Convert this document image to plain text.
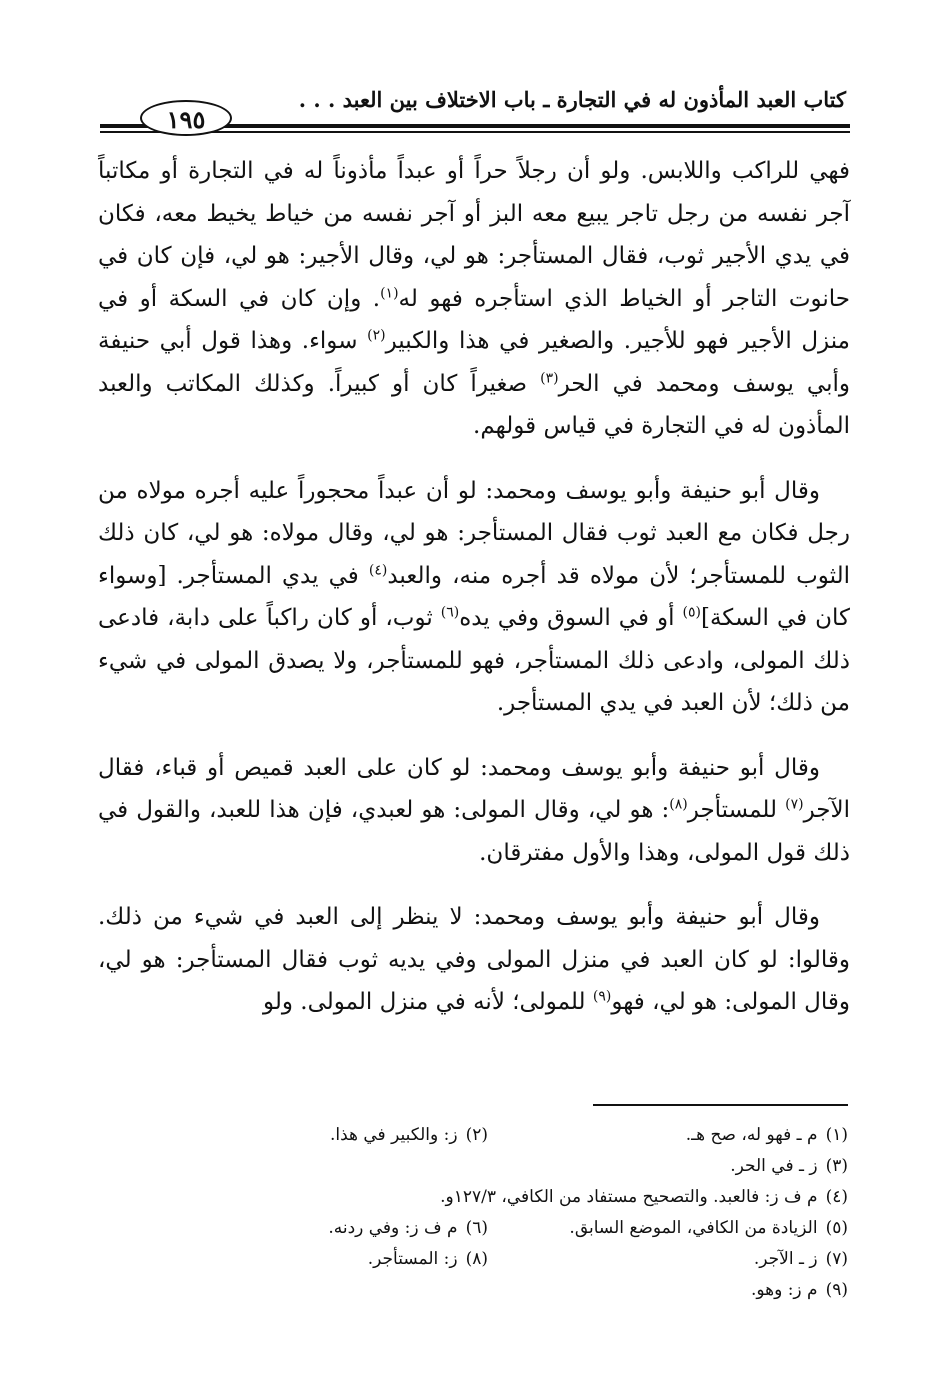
كتاب العبد المأذون له في التجارة ـ باب الاختلاف بين العبد . . .
١٩٥

فهي للراكب واللابس. ولو أن رجلاً حراً أو عبداً مأذوناً له في التجارة أو مكاتباً آجر نفسه من رجل تاجر يبيع معه البز أو آجر نفسه من خياط يخيط معه، فكان في يدي الأجير ثوب، فقال المستأجر: هو لي، وقال الأجير: هو لي، فإن كان في حانوت التاجر أو الخياط الذي استأجره فهو له$^{(١)}$. وإن كان في السكة أو في منزل الأجير فهو للأجير. والصغير في هذا والكبير$^{(٢)}$ سواء. وهذا قول أبي حنيفة وأبي يوسف ومحمد في الحر$^{(٣)}$ صغيراً كان أو كبيراً. وكذلك المكاتب والعبد المأذون له في التجارة في قياس قولهم.

وقال أبو حنيفة وأبو يوسف ومحمد: لو أن عبداً محجوراً عليه أجره مولاه من رجل فكان مع العبد ثوب فقال المستأجر: هو لي، وقال مولاه: هو لي، كان ذلك الثوب للمستأجر؛ لأن مولاه قد أجره منه، والعبد$^{(٤)}$ في يدي المستأجر. [وسواء كان في السكة]$^{(٥)}$ أو في السوق وفي يده$^{(٦)}$ ثوب، أو كان راكباً على دابة، فادعى ذلك المولى، وادعى ذلك المستأجر، فهو للمستأجر، ولا يصدق المولى في شيء من ذلك؛ لأن العبد في يدي المستأجر.

وقال أبو حنيفة وأبو يوسف ومحمد: لو كان على العبد قميص أو قباء، فقال الآجر$^{(٧)}$ للمستأجر$^{(٨)}$: هو لي، وقال المولى: هو لعبدي، فإن هذا للعبد، والقول في ذلك قول المولى، وهذا والأول مفترقان.

وقال أبو حنيفة وأبو يوسف ومحمد: لا ينظر إلى العبد في شيء من ذلك. وقالوا: لو كان العبد في منزل المولى وفي يديه ثوب فقال المستأجر: هو لي، وقال المولى: هو لي، فهو$^{(٩)}$ للمولى؛ لأنه في منزل المولى. ولو

(١)م ـ فهو له، صح هـ.
(٢)ز: والكبير في هذا.
(٣)ز ـ في الحر.
(٤)م ف ز: فالعبد. والتصحيح مستفاد من الكافي، ١٢٧/٣و.
(٥)الزيادة من الكافي، الموضع السابق.
(٦)م ف ز: وفي ردنه.
(٧)ز ـ الآجر.
(٨)ز: المستأجر.
(٩)م ز: وهو.
